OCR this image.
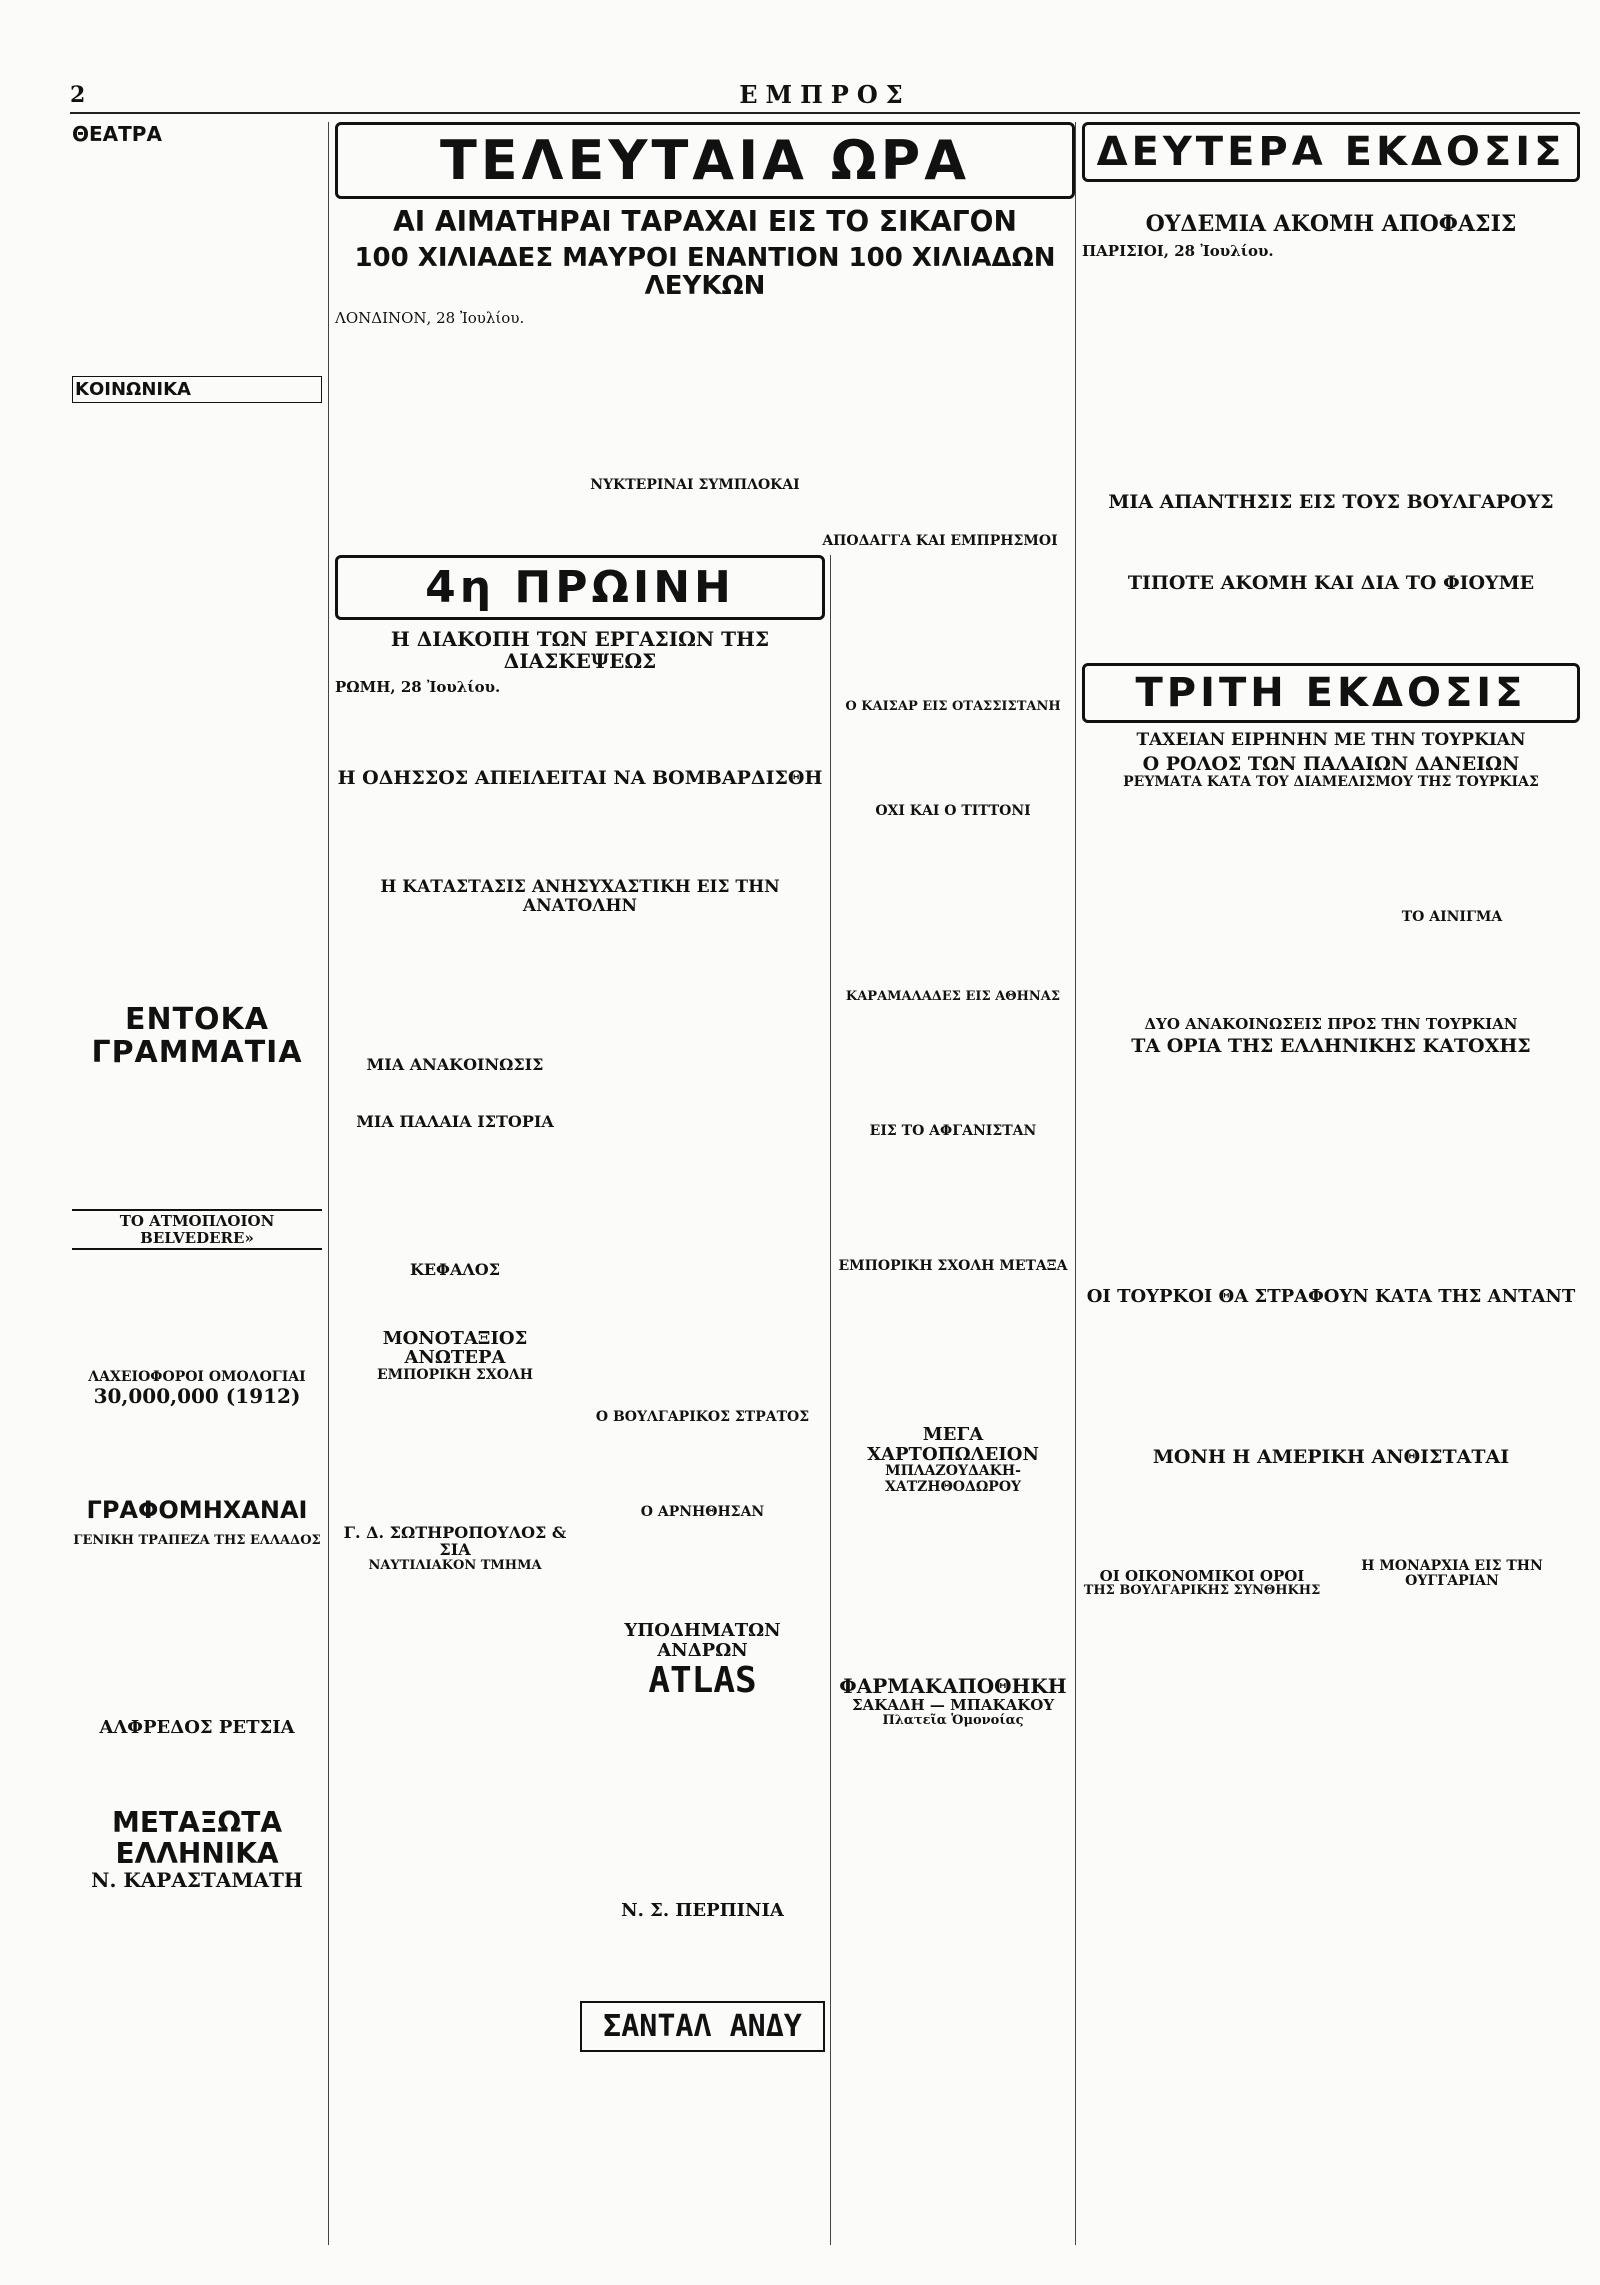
2	ΕΜΠΡΟΣ
ΘΕΑΤΡΑ
ΚΟΙΝΩΝΙΚΑ
ΕΝΤΟΚΑ ΓΡΑΜΜΑΤΙΑ
ΤΟ ΑΤΜΟΠΛΟΙΟΝ BELVEDERE»
ΛΑΧΕΙΟΦΟΡΟΙ ΟΜΟΛΟΓΙΑΙ
30,000,000 (1912)
ΓΡΑΦΟΜΗΧΑΝΑΙ
ΓΕΝΙΚΗ ΤΡΑΠΕΖΑ ΤΗΣ ΕΛΛΑΔΟΣ
ΑΛΦΡΕΔΟΣ ΡΕΤΣΙΑ
ΜΕΤΑΞΩΤΑ ΕΛΛΗΝΙΚΑ
Ν. ΚΑΡΑΣΤΑΜΑΤΗ
ΤΕΛΕΥΤΑΙΑ ΩΡΑ
ΑΙ ΑΙΜΑΤΗΡΑΙ ΤΑΡΑΧΑΙ ΕΙΣ ΤΟ ΣΙΚΑΓΟΝ
100 ΧΙΛΙΑΔΕΣ ΜΑΥΡΟΙ ΕΝΑΝΤΙΟΝ 100 ΧΙΛΙΑΔΩΝ ΛΕΥΚΩΝ
ΛΟΝΔΙΝΟΝ, 28 Ἰουλίου.
ΝΥΚΤΕΡΙΝΑΙ ΣΥΜΠΛΟΚΑΙ
ΑΠΟΔΑΓΓΑ ΚΑΙ ΕΜΠΡΗΣΜΟΙ
4η ΠΡΩΙΝΗ
Η ΔΙΑΚΟΠΗ ΤΩΝ ΕΡΓΑΣΙΩΝ ΤΗΣ ΔΙΑΣΚΕΨΕΩΣ
ΡΩΜΗ, 28 Ἰουλίου.
Η ΟΔΗΣΣΟΣ ΑΠΕΙΛΕΙΤΑΙ ΝΑ ΒΟΜΒΑΡΔΙΣΘΗ
Η ΚΑΤΑΣΤΑΣΙΣ ΑΝΗΣΥΧΑΣΤΙΚΗ ΕΙΣ ΤΗΝ ΑΝΑΤΟΛΗΝ
ΜΙΑ ΑΝΑΚΟΙΝΩΣΙΣ
ΜΙΑ ΠΑΛΑΙΑ ΙΣΤΟΡΙΑ
ΚΕΦΑΛΟΣ
ΜΟΝΟΤΑΞΙΟΣ ΑΝΩΤΕΡΑ
ΕΜΠΟΡΙΚΗ ΣΧΟΛΗ
Γ. Δ. ΣΩΤΗΡΟΠΟΥΛΟΣ & ΣΙΑ
ΝΑΥΤΙΛΙΑΚΟΝ ΤΜΗΜΑ
Ο ΒΟΥΛΓΑΡΙΚΟΣ ΣΤΡΑΤΟΣ
Ο ΑΡΝΗΘΗΣΑΝ
ΥΠΟΔΗΜΑΤΩΝ ΑΝΔΡΩΝ
ATLAS
Ν. Σ. ΠΕΡΠΙΝΙΑ
ΣΑΝΤΑΛ ΑΝΔΥ
Ο ΚΑΙΣΑΡ ΕΙΣ ΟΤΑΣΣΙΣΤΑΝΗ
ΟΧΙ ΚΑΙ Ο ΤΙΤΤΟΝΙ
ΚΑΡΑΜΑΛΑΔΕΣ ΕΙΣ ΑΘΗΝΑΣ
ΕΙΣ ΤΟ ΑΦΓΑΝΙΣΤΑΝ
ΕΜΠΟΡΙΚΗ ΣΧΟΛΗ ΜΕΤΑΞΑ
ΜΕΓΑ ΧΑΡΤΟΠΩΛΕΙΟΝ
ΜΠΛΑΖΟΥΔΑΚΗ-ΧΑΤΖΗΘΟΔΩΡΟΥ
ΦΑΡΜΑΚΑΠΟΘΗΚΗ
ΣΑΚΑΔΗ — ΜΠΑΚΑΚΟΥ
Πλατεῖα Ὁμονοίας
ΔΕΥΤΕΡΑ ΕΚΔΟΣΙΣ
ΟΥΔΕΜΙΑ ΑΚΟΜΗ ΑΠΟΦΑΣΙΣ
ΠΑΡΙΣΙΟΙ, 28 Ἰουλίου.
ΜΙΑ ΑΠΑΝΤΗΣΙΣ ΕΙΣ ΤΟΥΣ ΒΟΥΛΓΑΡΟΥΣ
ΤΙΠΟΤΕ ΑΚΟΜΗ ΚΑΙ ΔΙΑ ΤΟ ΦΙΟΥΜΕ
ΤΡΙΤΗ ΕΚΔΟΣΙΣ
ΤΑΧΕΙΑΝ ΕΙΡΗΝΗΝ ΜΕ ΤΗΝ ΤΟΥΡΚΙΑΝ
Ο ΡΟΛΟΣ ΤΩΝ ΠΑΛΑΙΩΝ ΔΑΝΕΙΩΝ
ΡΕΥΜΑΤΑ ΚΑΤΑ ΤΟΥ ΔΙΑΜΕΛΙΣΜΟΥ ΤΗΣ ΤΟΥΡΚΙΑΣ
ΤΟ ΑΙΝΙΓΜΑ
ΔΥΟ ΑΝΑΚΟΙΝΩΣΕΙΣ ΠΡΟΣ ΤΗΝ ΤΟΥΡΚΙΑΝ
ΤΑ ΟΡΙΑ ΤΗΣ ΕΛΛΗΝΙΚΗΣ ΚΑΤΟΧΗΣ
ΟΙ ΤΟΥΡΚΟΙ ΘΑ ΣΤΡΑΦΟΥΝ ΚΑΤΑ ΤΗΣ ΑΝΤΑΝΤ
ΜΟΝΗ Η ΑΜΕΡΙΚΗ ΑΝΘΙΣΤΑΤΑΙ
ΟΙ ΟΙΚΟΝΟΜΙΚΟΙ ΟΡΟΙ
ΤΗΣ ΒΟΥΛΓΑΡΙΚΗΣ ΣΥΝΘΗΚΗΣ
Η ΜΟΝΑΡΧΙΑ ΕΙΣ ΤΗΝ ΟΥΓΓΑΡΙΑΝ
